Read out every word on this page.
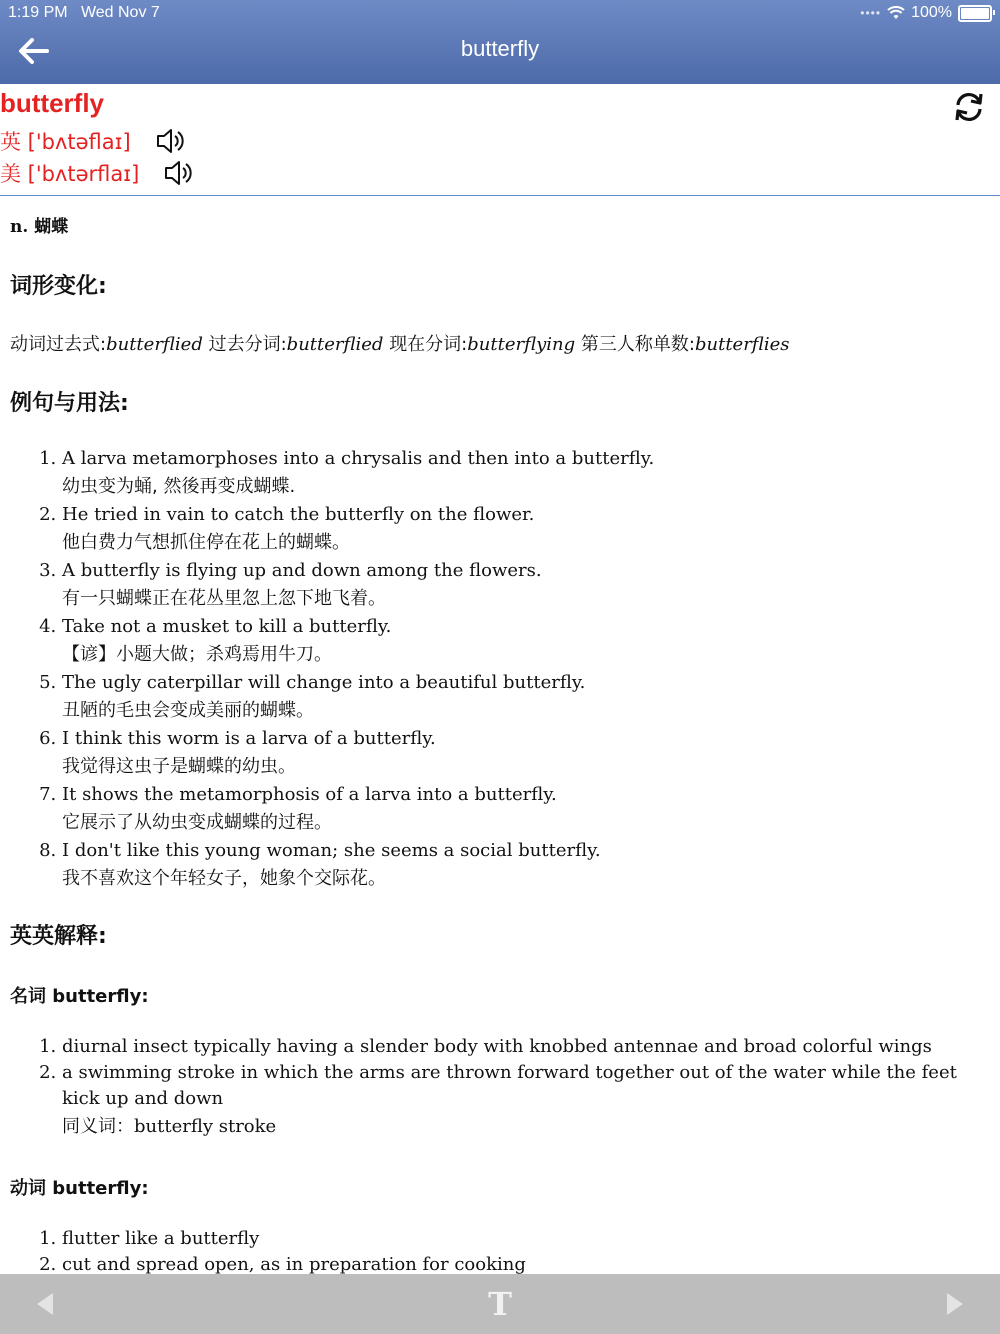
1:19 PM Wed Nov 7	•••• 100%
butterfly
butterfly
英 ['bʌtəflaɪ]
美 ['bʌtərflaɪ]
n. 蝴蝶
词形变化:
动词过去式:butterflied 过去分词:butterflied 现在分词:butterflying 第三人称单数:butterflies
例句与用法:
1. A larva metamorphoses into a chrysalis and then into a butterfly.
幼虫变为蛹, 然後再变成蝴蝶.
2. He tried in vain to catch the butterfly on the flower.
他白费力气想抓住停在花上的蝴蝶。
3. A butterfly is flying up and down among the flowers.
有一只蝴蝶正在花丛里忽上忽下地飞着。
4. Take not a musket to kill a butterfly.
【谚】小题大做；杀鸡焉用牛刀。
5. The ugly caterpillar will change into a beautiful butterfly.
丑陋的毛虫会变成美丽的蝴蝶。
6. I think this worm is a larva of a butterfly.
我觉得这虫子是蝴蝶的幼虫。
7. It shows the metamorphosis of a larva into a butterfly.
它展示了从幼虫变成蝴蝶的过程。
8. I don't like this young woman; she seems a social butterfly.
我不喜欢这个年轻女子，她象个交际花。
英英解释:
名词 butterfly:
1. diurnal insect typically having a slender body with knobbed antennae and broad colorful wings
2. a swimming stroke in which the arms are thrown forward together out of the water while the feet kick up and down
同义词：butterfly stroke
动词 butterfly:
1. flutter like a butterfly
2. cut and spread open, as in preparation for cooking
T
